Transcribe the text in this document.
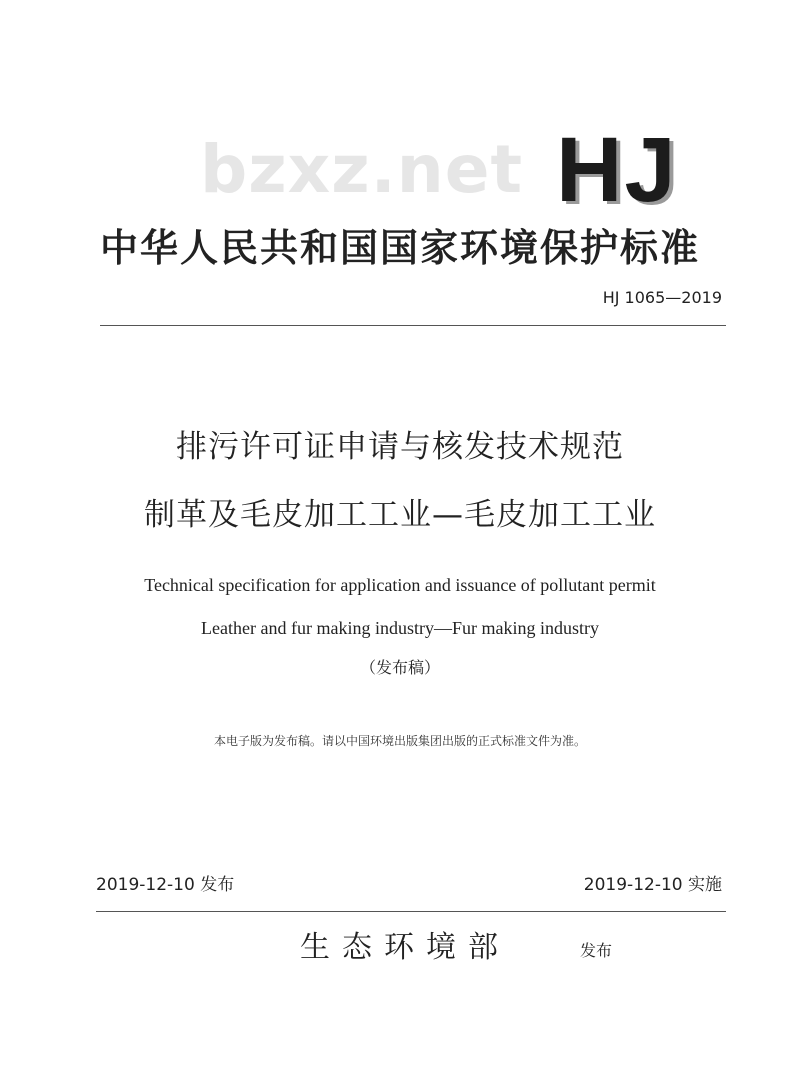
bzxz.net HJ
中华人民共和国国家环境保护标准
HJ 1065—2019
排污许可证申请与核发技术规范
制革及毛皮加工工业—毛皮加工工业
Technical specification for application and issuance of pollutant permit
Leather and fur making industry—Fur making industry
（发布稿）
本电子版为发布稿。请以中国环境出版集团出版的正式标准文件为准。
2019-12-10 发布	2019-12-10 实施
生态环境部	发布
